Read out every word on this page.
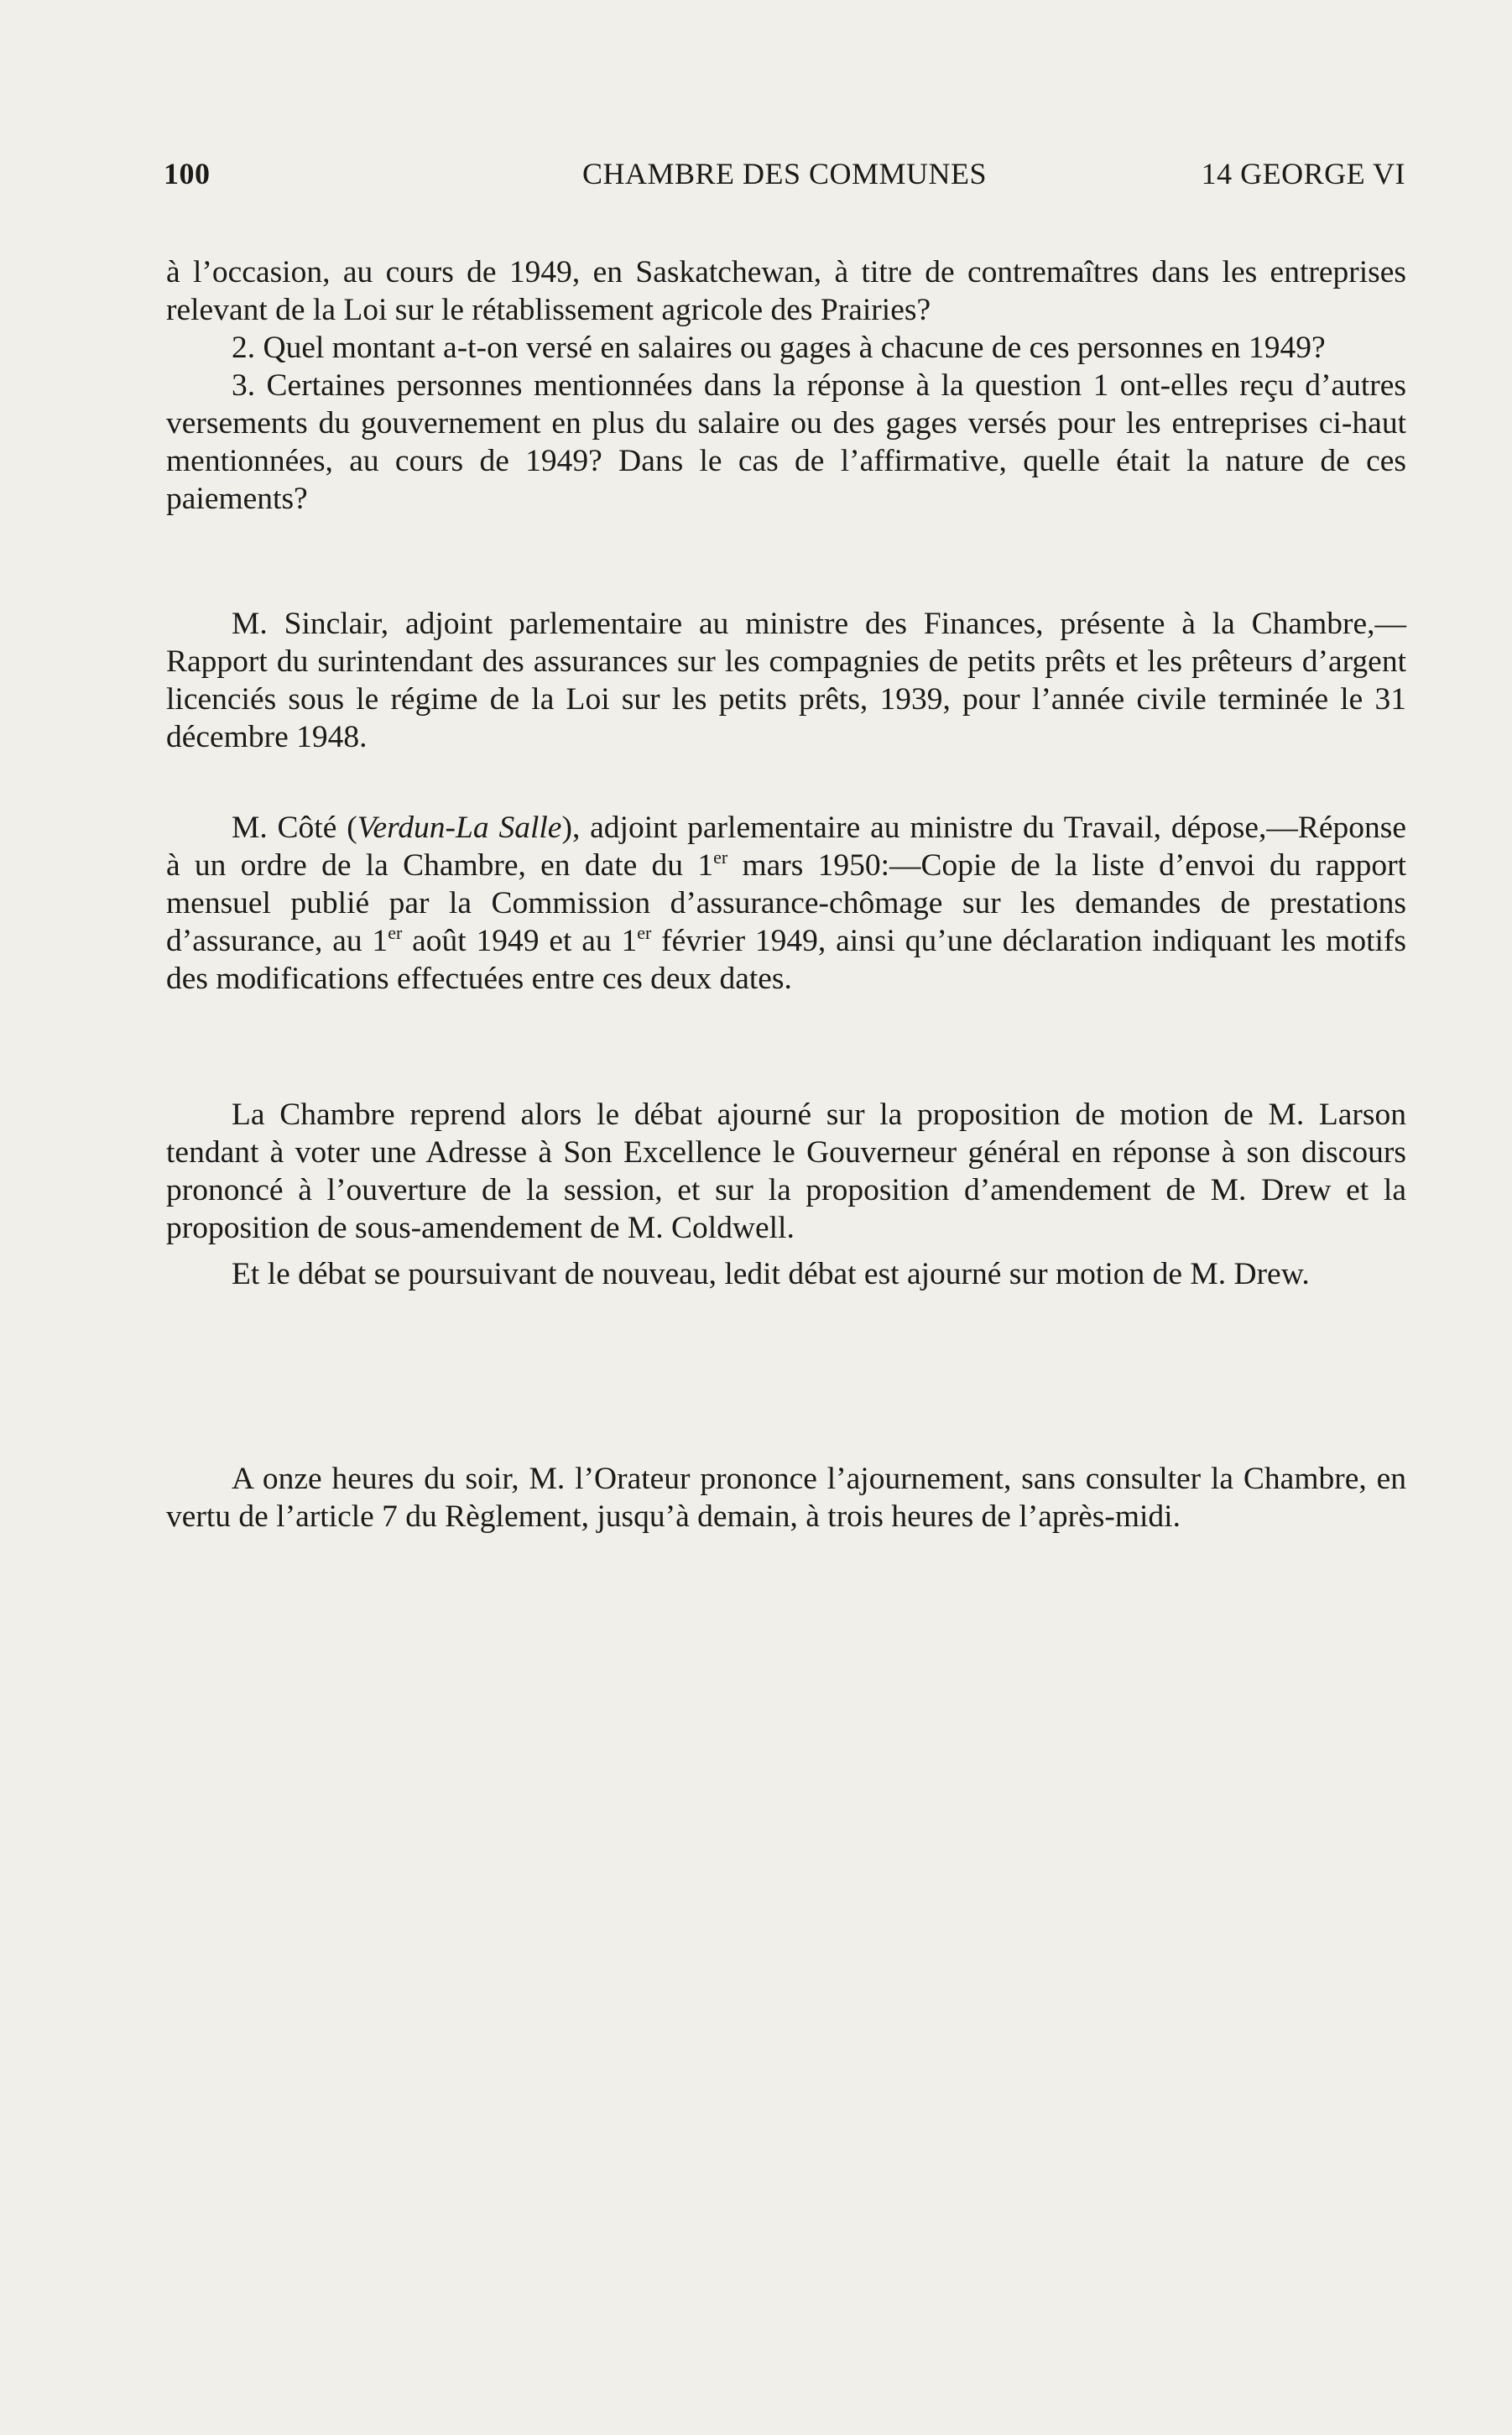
100	CHAMBRE DES COMMUNES	14 GEORGE VI

à l’occasion, au cours de 1949, en Saskatchewan, à titre de contremaîtres dans les entreprises relevant de la Loi sur le rétablissement agricole des Prairies?

2. Quel montant a-t-on versé en salaires ou gages à chacune de ces personnes en 1949?

3. Certaines personnes mentionnées dans la réponse à la question 1 ont-elles reçu d’autres versements du gouvernement en plus du salaire ou des gages versés pour les entreprises ci-haut mentionnées, au cours de 1949? Dans le cas de l’affirmative, quelle était la nature de ces paiements?

M. Sinclair, adjoint parlementaire au ministre des Finances, présente à la Chambre,—Rapport du surintendant des assurances sur les compagnies de petits prêts et les prêteurs d’argent licenciés sous le régime de la Loi sur les petits prêts, 1939, pour l’année civile terminée le 31 décembre 1948.

M. Côté (Verdun-La Salle), adjoint parlementaire au ministre du Travail, dépose,—Réponse à un ordre de la Chambre, en date du 1er mars 1950:—Copie de la liste d’envoi du rapport mensuel publié par la Commission d’assurance-chômage sur les demandes de prestations d’assurance, au 1er août 1949 et au 1er février 1949, ainsi qu’une déclaration indiquant les motifs des modifications effectuées entre ces deux dates.

La Chambre reprend alors le débat ajourné sur la proposition de motion de M. Larson tendant à voter une Adresse à Son Excellence le Gouverneur général en réponse à son discours prononcé à l’ouverture de la session, et sur la proposition d’amendement de M. Drew et la proposition de sous-amendement de M. Coldwell.

Et le débat se poursuivant de nouveau, ledit débat est ajourné sur motion de M. Drew.

A onze heures du soir, M. l’Orateur prononce l’ajournement, sans consulter la Chambre, en vertu de l’article 7 du Règlement, jusqu’à demain, à trois heures de l’après-midi.
